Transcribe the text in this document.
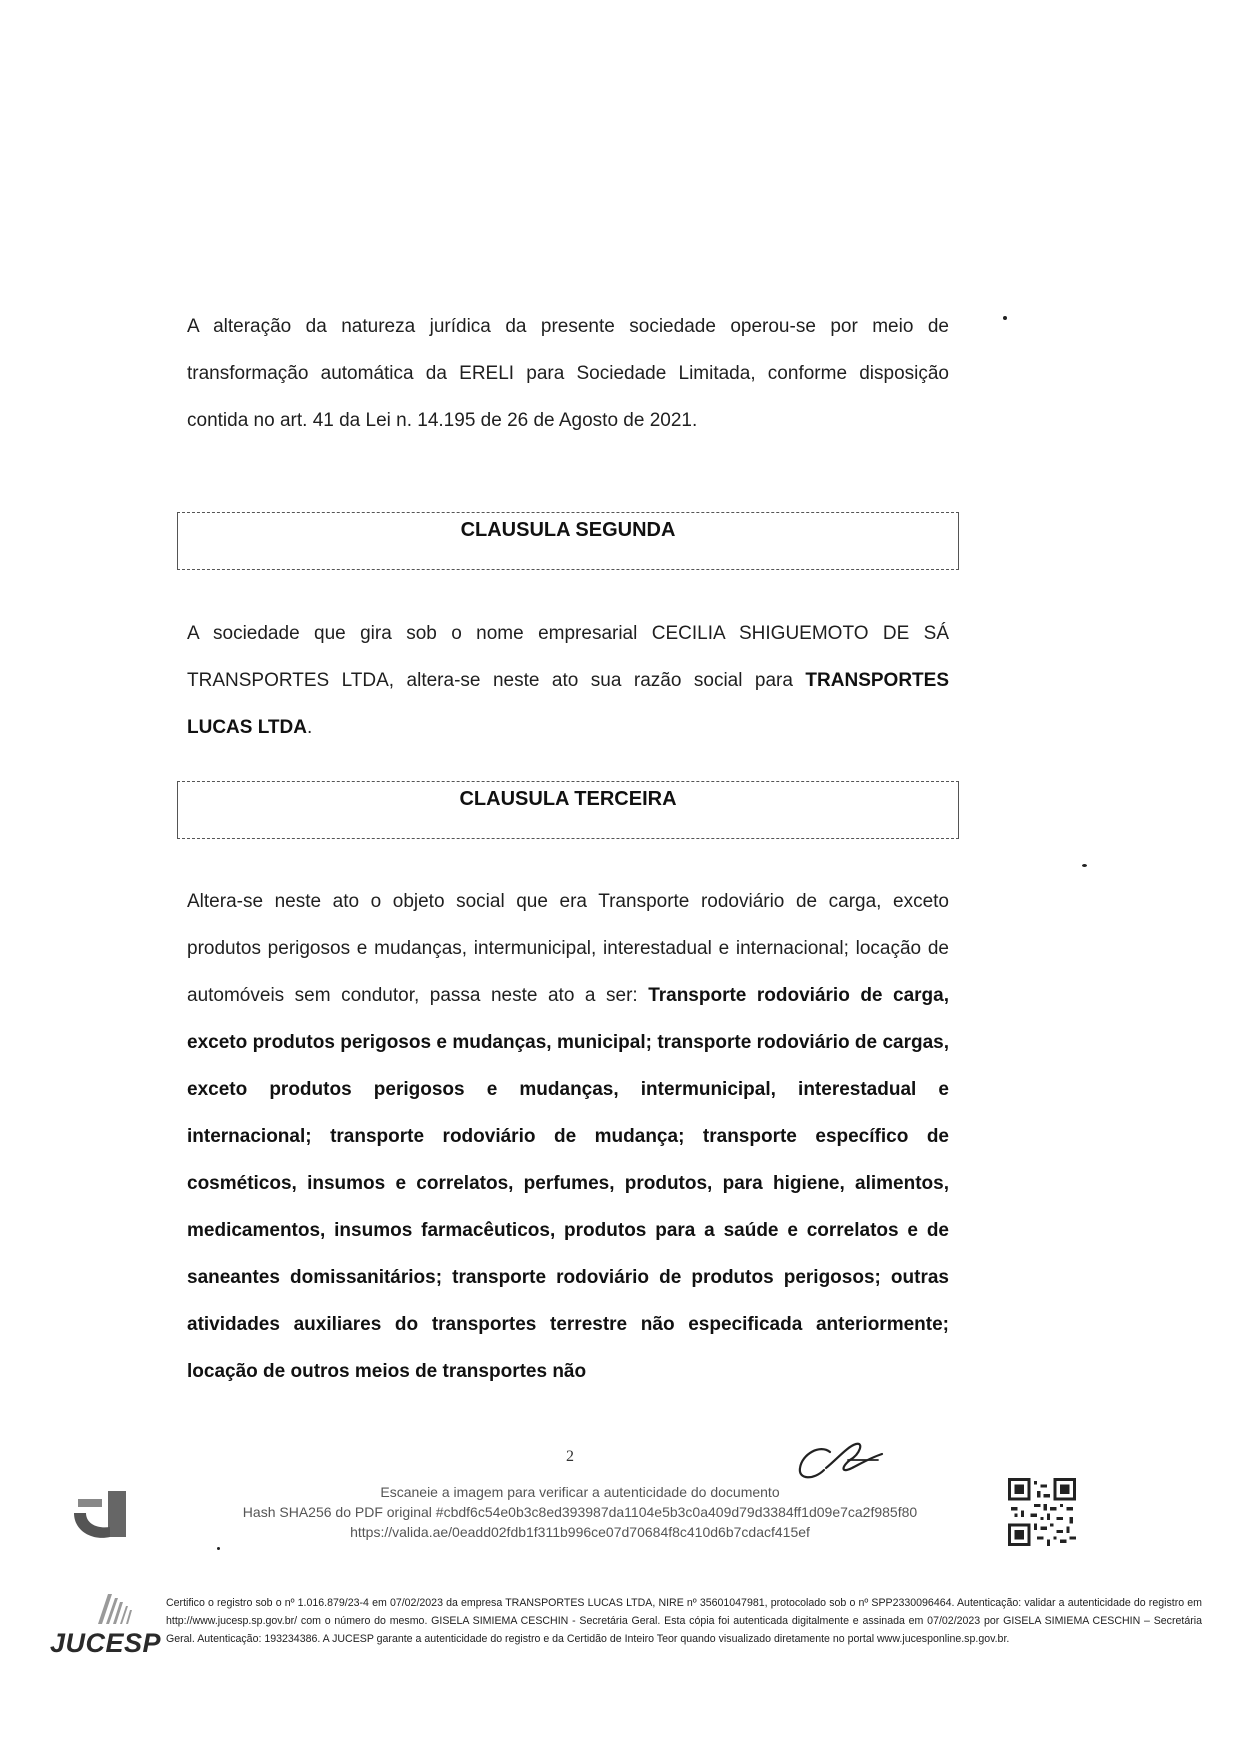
A alteração da natureza jurídica da presente sociedade operou-se por meio de transformação automática da ERELI para Sociedade Limitada, conforme disposição contida no art. 41 da Lei n. 14.195 de 26 de Agosto de 2021.

CLAUSULA SEGUNDA

A sociedade que gira sob o nome empresarial CECILIA SHIGUEMOTO DE SÁ TRANSPORTES LTDA, altera-se neste ato sua razão social para TRANSPORTES LUCAS LTDA.

CLAUSULA TERCEIRA

Altera-se neste ato o objeto social que era Transporte rodoviário de carga, exceto produtos perigosos e mudanças, intermunicipal, interestadual e internacional; locação de automóveis sem condutor, passa neste ato a ser: Transporte rodoviário de carga, exceto produtos perigosos e mudanças, municipal; transporte rodoviário de cargas, exceto produtos perigosos e mudanças, intermunicipal, interestadual e internacional; transporte rodoviário de mudança; transporte específico de cosméticos, insumos e correlatos, perfumes, produtos, para higiene, alimentos, medicamentos, insumos farmacêuticos, produtos para a saúde e correlatos e de saneantes domissanitários; transporte rodoviário de produtos perigosos; outras atividades auxiliares do transportes terrestre não especificada anteriormente; locação de outros meios de transportes não

2
Escaneie a imagem para verificar a autenticidade do documento
Hash SHA256 do PDF original #cbdf6c54e0b3c8ed393987da1104e5b3c0a409d79d3384ff1d09e7ca2f985f80
https://valida.ae/0eadd02fdb1f311b996ce07d70684f8c410d6b7cdacf415ef
JUCESP
Certifico o registro sob o nº 1.016.879/23-4 em 07/02/2023 da empresa TRANSPORTES LUCAS LTDA, NIRE nº 35601047981, protocolado sob o nº SPP2330096464. Autenticação: validar a autenticidade do registro em http://www.jucesp.sp.gov.br/ com o número do mesmo. GISELA SIMIEMA CESCHIN - Secretária Geral. Esta cópia foi autenticada digitalmente e assinada em 07/02/2023 por GISELA SIMIEMA CESCHIN – Secretária Geral. Autenticação: 193234386. A JUCESP garante a autenticidade do registro e da Certidão de Inteiro Teor quando visualizado diretamente no portal www.jucesponline.sp.gov.br.
